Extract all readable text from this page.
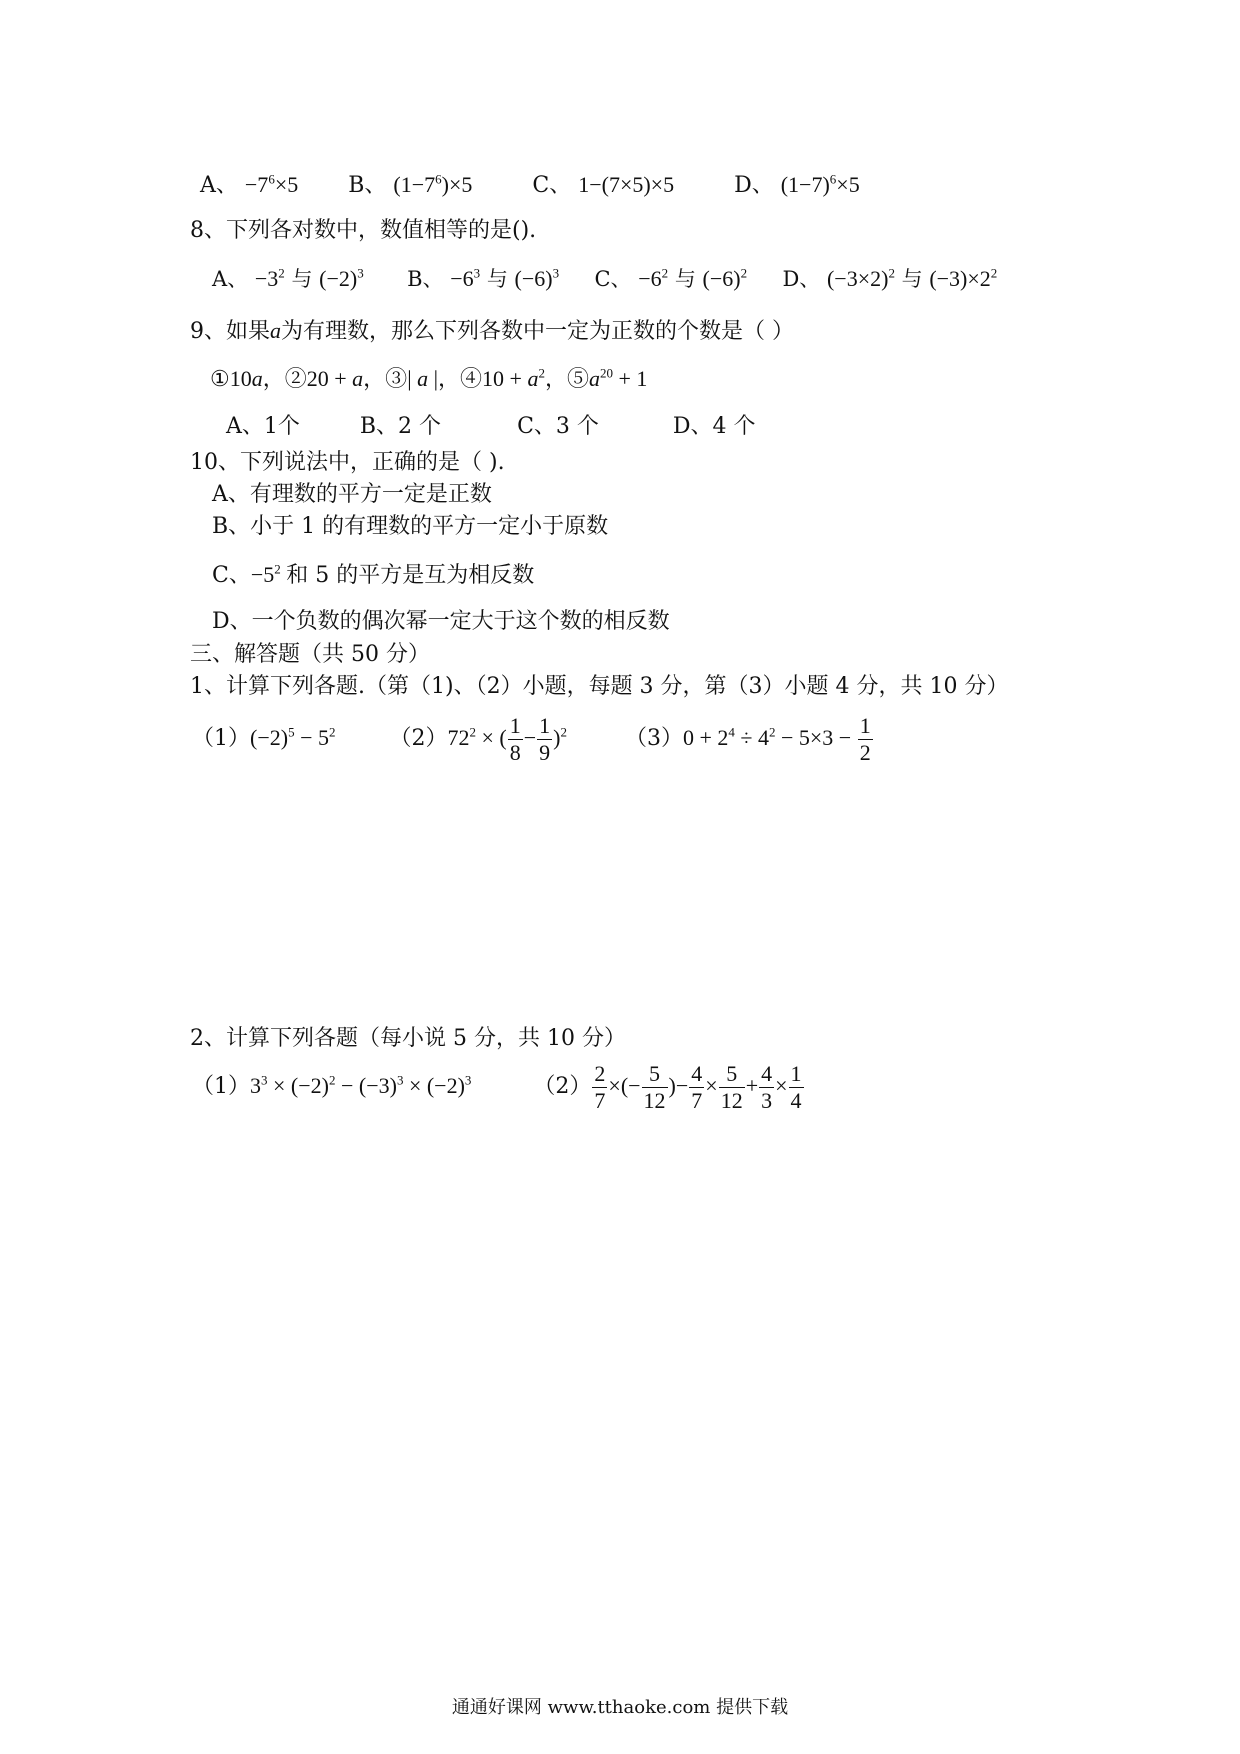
A、 $-7^6\times 5$ B、 $(1-7^6)\times 5$	C、 1−(7×5)×5	D、 $(1-7)^6\times 5$
8、下列各对数中，数值相等的是().
A、 $-3^2$ 与 $(-2)^3$ B、 $-6^3$ 与 $(-6)^3$ C、 $-6^2$ 与 $(-6)^2$ D、 $(-3\times 2)^2$ 与 $(-3)\times 2^2$
9、如果a为有理数，那么下列各数中一定为正数的个数是（ ）
①10a，②20 + a，③| a |，④10 + $a^2$，$⑤a^{20} + 1$
A、1个	B、2 个	C、3 个	D、4 个
10、下列说法中，正确的是（ ).
A、有理数的平方一定是正数
B、小于 1 的有理数的平方一定小于原数
C、$-5^2$ 和 5 的平方是互为相反数
D、一个负数的偶次幂一定大于这个数的相反数
三、解答题（共 50 分）
1、计算下列各题.（第（1)、（2）小题，每题 3 分，第（3）小题 4 分，共 10 分）
$(1)(-2)^5 - 5^2$ $(2)72^2$ × ( $\frac{1}{8} - \frac{1}{9} )^2$	$(3)0 + 2^4 \div 4^2 - 5\times 3 - \frac{1}{2}$
2、计算下列各题（每小说 5 分，共 10 分）
$(1)3^3 \times (-2)^2 - (-3)^3 \times (-2)^3$	$(2) \frac{2}{7}$ ×(− $\frac{5}{12}$ )− $\frac{4}{7} \times \frac{5}{12} + \frac{4}{3} \times \frac{1}{4}$
通通好课网 www.tthaoke.com 提供下载
